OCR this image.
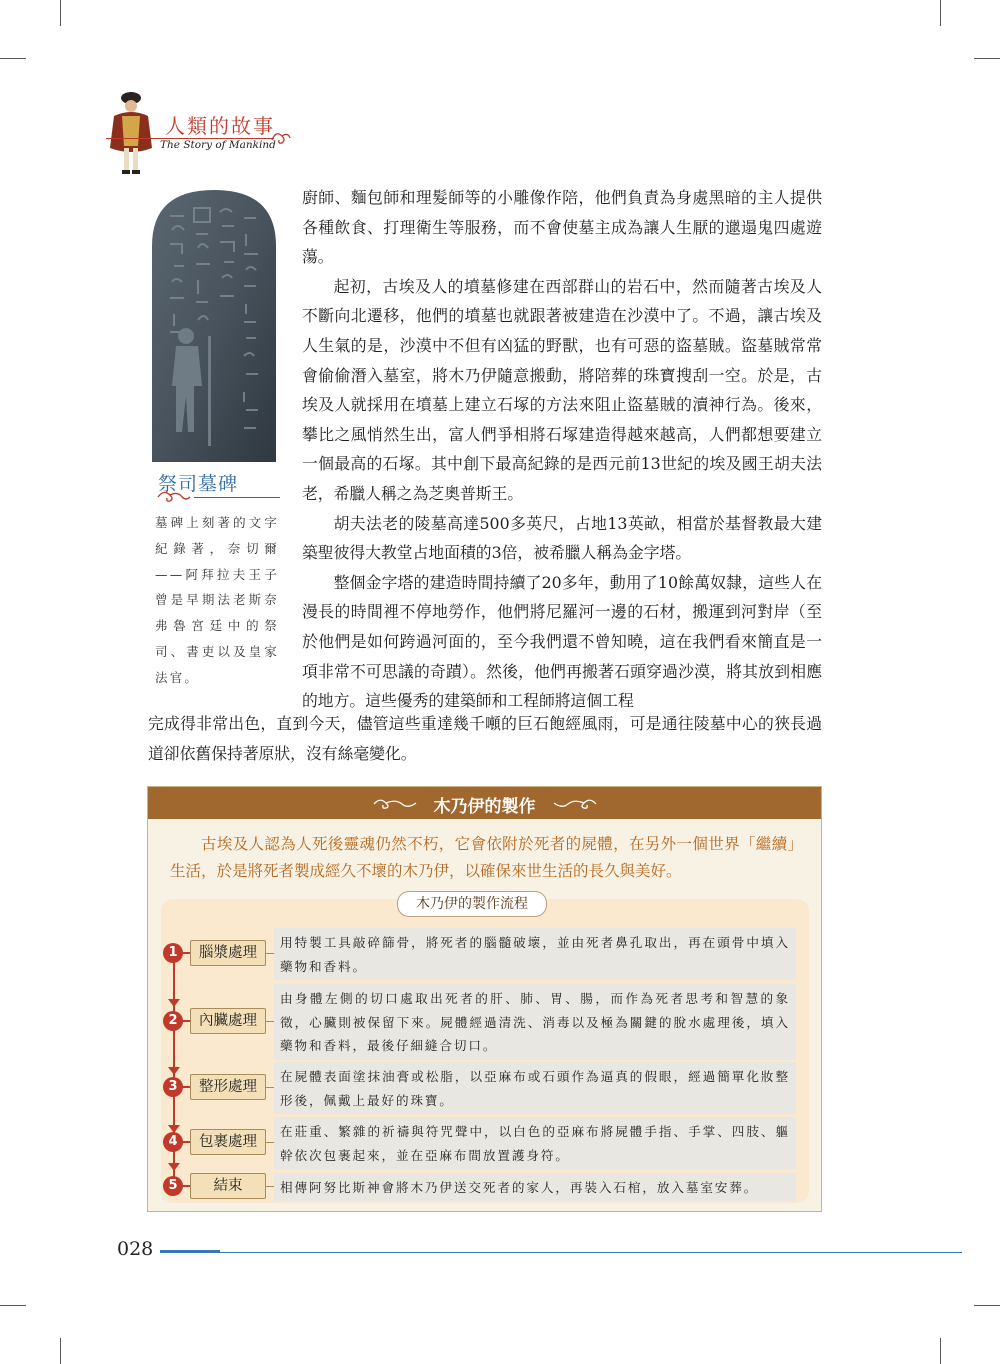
人類的故事
The Story of Mankind
祭司墓碑
墓碑上刻著的文字紀錄著，奈切爾——阿拜拉夫王子曾是早期法老斯奈弗魯宮廷中的祭司、書吏以及皇家法官。

廚師、麵包師和理髮師等的小雕像作陪，他們負責為身處黑暗的主人提供各種飲食、打理衛生等服務，而不會使墓主成為讓人生厭的邋遢鬼四處遊蕩。

起初，古埃及人的墳墓修建在西部群山的岩石中，然而隨著古埃及人不斷向北遷移，他們的墳墓也就跟著被建造在沙漠中了。不過，讓古埃及人生氣的是，沙漠中不但有凶猛的野獸，也有可惡的盜墓賊。盜墓賊常常會偷偷潛入墓室，將木乃伊隨意搬動，將陪葬的珠寶搜刮一空。於是，古埃及人就採用在墳墓上建立石塚的方法來阻止盜墓賊的瀆神行為。後來，攀比之風悄然生出，富人們爭相將石塚建造得越來越高，人們都想要建立一個最高的石塚。其中創下最高紀錄的是西元前13世紀的埃及國王胡夫法老，希臘人稱之為芝奧普斯王。

胡夫法老的陵墓高達500多英尺，占地13英畝，相當於基督教最大建築聖彼得大教堂占地面積的3倍，被希臘人稱為金字塔。

整個金字塔的建造時間持續了20多年，動用了10餘萬奴隸，這些人在漫長的時間裡不停地勞作，他們將尼羅河一邊的石材，搬運到河對岸（至於他們是如何跨過河面的，至今我們還不曾知曉，這在我們看來簡直是一項非常不可思議的奇蹟）。然後，他們再搬著石頭穿過沙漠，將其放到相應的地方。這些優秀的建築師和工程師將這個工程

完成得非常出色，直到今天，儘管這些重達幾千噸的巨石飽經風雨，可是通往陵墓中心的狹長過道卻依舊保持著原狀，沒有絲毫變化。
木乃伊的製作

古埃及人認為人死後靈魂仍然不朽，它會依附於死者的屍體，在另外一個世界「繼續」生活，於是將死者製成經久不壞的木乃伊，以確保來世生活的長久與美好。

木乃伊的製作流程
1	腦漿處理
用特製工具敲碎篩骨，將死者的腦髓破壞，並由死者鼻孔取出，再在頭骨中填入藥物和香料。
2	內臟處理
由身體左側的切口處取出死者的肝、肺、胃、腸，而作為死者思考和智慧的象徵，心臟則被保留下來。屍體經過清洗、消毒以及極為關鍵的脫水處理後，填入藥物和香料，最後仔細縫合切口。
3	整形處理
在屍體表面塗抹油膏或松脂，以亞麻布或石頭作為逼真的假眼，經過簡單化妝整形後，佩戴上最好的珠寶。
4	包裹處理
在莊重、繁雜的祈禱與符咒聲中，以白色的亞麻布將屍體手指、手掌、四肢、軀幹依次包裹起來，並在亞麻布間放置護身符。
5	結束	相傳阿努比斯神會將木乃伊送交死者的家人，再裝入石棺，放入墓室安葬。
028
